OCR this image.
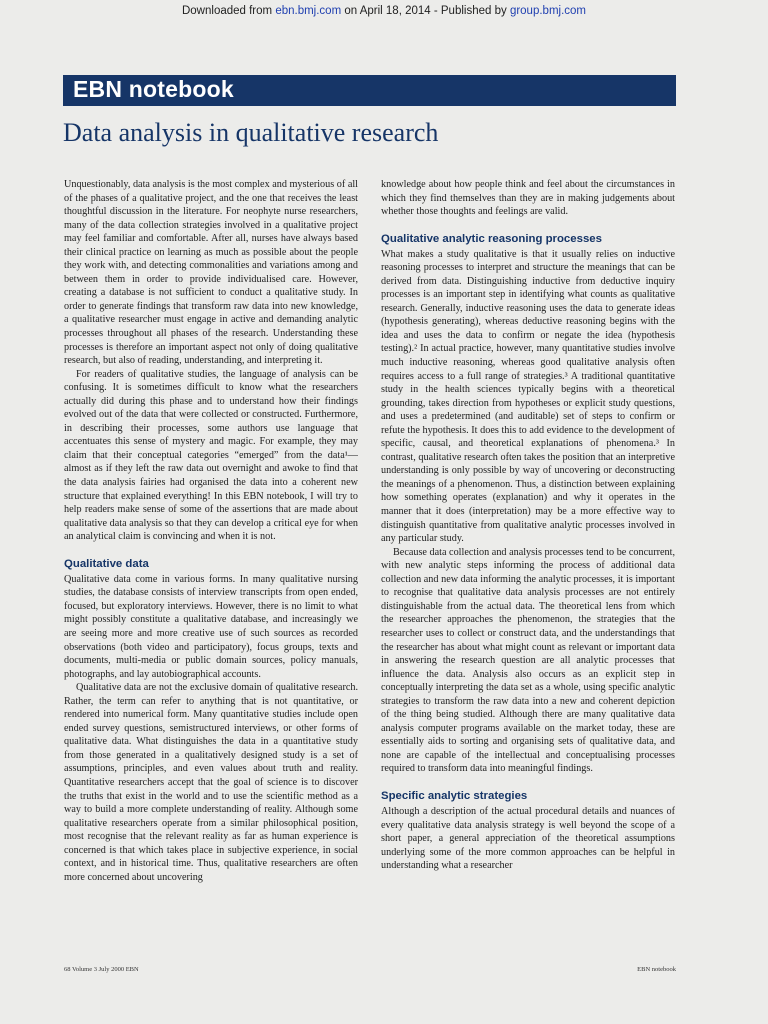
Downloaded from ebn.bmj.com on April 18, 2014 - Published by group.bmj.com
EBN notebook
Data analysis in qualitative research

Unquestionably, data analysis is the most complex and mysterious of all of the phases of a qualitative project, and the one that receives the least thoughtful discussion in the literature. For neophyte nurse researchers, many of the data collection strategies involved in a qualitative project may feel familiar and comfortable. After all, nurses have always based their clinical practice on learning as much as possible about the people they work with, and detecting commonalities and variations among and between them in order to provide individualised care. However, creating a database is not sufficient to conduct a qualitative study. In order to generate findings that transform raw data into new knowledge, a qualitative researcher must engage in active and demanding analytic processes throughout all phases of the research. Understanding these processes is therefore an important aspect not only of doing qualitative research, but also of reading, understanding, and interpreting it.

For readers of qualitative studies, the language of analysis can be confusing. It is sometimes difficult to know what the researchers actually did during this phase and to understand how their findings evolved out of the data that were collected or constructed. Furthermore, in describing their processes, some authors use language that accentuates this sense of mystery and magic. For example, they may claim that their conceptual categories “emerged” from the data¹—almost as if they left the raw data out overnight and awoke to find that the data analysis fairies had organised the data into a coherent new structure that explained everything! In this EBN notebook, I will try to help readers make sense of some of the assertions that are made about qualitative data analysis so that they can develop a critical eye for when an analytical claim is convincing and when it is not.

Qualitative data

Qualitative data come in various forms. In many qualitative nursing studies, the database consists of interview transcripts from open ended, focused, but exploratory interviews. However, there is no limit to what might possibly constitute a qualitative database, and increasingly we are seeing more and more creative use of such sources as recorded observations (both video and participatory), focus groups, texts and documents, multi-media or public domain sources, policy manuals, photographs, and lay autobiographical accounts.

Qualitative data are not the exclusive domain of qualitative research. Rather, the term can refer to anything that is not quantitative, or rendered into numerical form. Many quantitative studies include open ended survey questions, semistructured interviews, or other forms of qualitative data. What distinguishes the data in a quantitative study from those generated in a qualitatively designed study is a set of assumptions, principles, and even values about truth and reality. Quantitative researchers accept that the goal of science is to discover the truths that exist in the world and to use the scientific method as a way to build a more complete understanding of reality. Although some qualitative researchers operate from a similar philosophical position, most recognise that the relevant reality as far as human experience is concerned is that which takes place in subjective experience, in social context, and in historical time. Thus, qualitative researchers are often more concerned about uncovering

knowledge about how people think and feel about the circumstances in which they find themselves than they are in making judgements about whether those thoughts and feelings are valid.

Qualitative analytic reasoning processes

What makes a study qualitative is that it usually relies on inductive reasoning processes to interpret and structure the meanings that can be derived from data. Distinguishing inductive from deductive inquiry processes is an important step in identifying what counts as qualitative research. Generally, inductive reasoning uses the data to generate ideas (hypothesis generating), whereas deductive reasoning begins with the idea and uses the data to confirm or negate the idea (hypothesis testing).² In actual practice, however, many quantitative studies involve much inductive reasoning, whereas good qualitative analysis often requires access to a full range of strategies.³ A traditional quantitative study in the health sciences typically begins with a theoretical grounding, takes direction from hypotheses or explicit study questions, and uses a predetermined (and auditable) set of steps to confirm or refute the hypothesis. It does this to add evidence to the development of specific, causal, and theoretical explanations of phenomena.³ In contrast, qualitative research often takes the position that an interpretive understanding is only possible by way of uncovering or deconstructing the meanings of a phenomenon. Thus, a distinction between explaining how something operates (explanation) and why it operates in the manner that it does (interpretation) may be a more effective way to distinguish quantitative from qualitative analytic processes involved in any particular study.

Because data collection and analysis processes tend to be concurrent, with new analytic steps informing the process of additional data collection and new data informing the analytic processes, it is important to recognise that qualitative data analysis processes are not entirely distinguishable from the actual data. The theoretical lens from which the researcher approaches the phenomenon, the strategies that the researcher uses to collect or construct data, and the understandings that the researcher has about what might count as relevant or important data in answering the research question are all analytic processes that influence the data. Analysis also occurs as an explicit step in conceptually interpreting the data set as a whole, using specific analytic strategies to transform the raw data into a new and coherent depiction of the thing being studied. Although there are many qualitative data analysis computer programs available on the market today, these are essentially aids to sorting and organising sets of qualitative data, and none are capable of the intellectual and conceptualising processes required to transform data into meaningful findings.

Specific analytic strategies

Although a description of the actual procedural details and nuances of every qualitative data analysis strategy is well beyond the scope of a short paper, a general appreciation of the theoretical assumptions underlying some of the more common approaches can be helpful in understanding what a researcher

68 Volume 3 July 2000 EBN	EBN notebook
